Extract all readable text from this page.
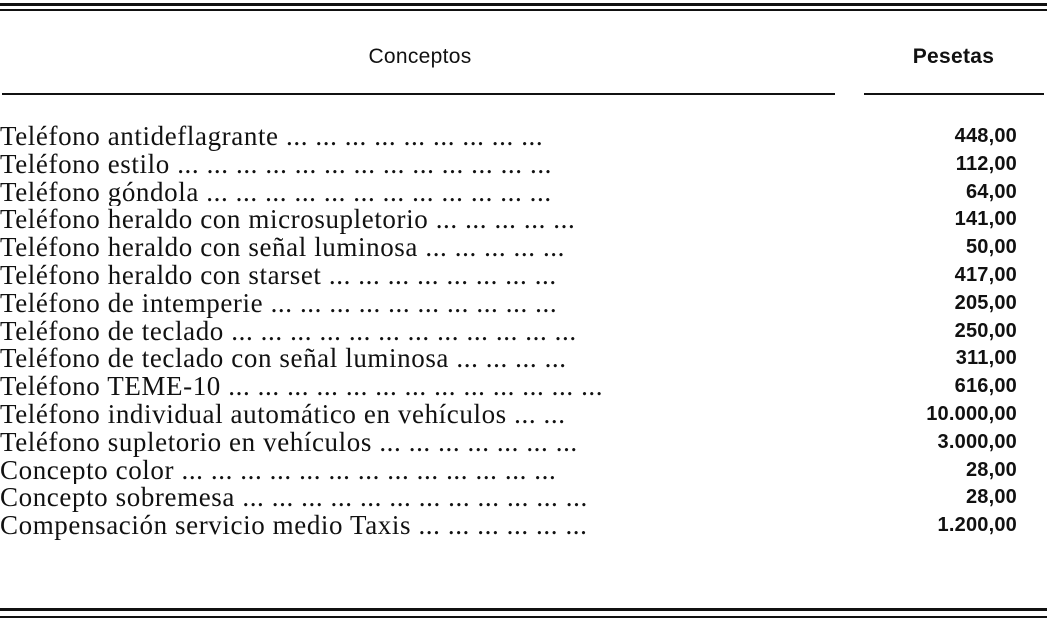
Conceptos	Pesetas
Teléfono antideflagrante ... ... ... ... ... ... ... ... ...	448,00
Teléfono estilo ... ... ... ... ... ... ... ... ... ... ... ... ...	112,00
Teléfono góndola ... ... ... ... ... ... ... ... ... ... ... ...	64,00
Teléfono heraldo con microsupletorio ... ... ... ... ...	141,00
Teléfono heraldo con señal luminosa ... ... ... ... ...	50,00
Teléfono heraldo con starset ... ... ... ... ... ... ... ...	417,00
Teléfono de intemperie ... ... ... ... ... ... ... ... ... ...	205,00
Teléfono de teclado ... ... ... ... ... ... ... ... ... ... ... ...	250,00
Teléfono de teclado con señal luminosa ... ... ... ...	311,00
Teléfono TEME-10 ... ... ... ... ... ... ... ... ... ... ... ... ...	616,00
Teléfono individual automático en vehículos ... ...	10.000,00
Teléfono supletorio en vehículos ... ... ... ... ... ... ...	3.000,00
Concepto color ... ... ... ... ... ... ... ... ... ... ... ... ...	28,00
Concepto sobremesa ... ... ... ... ... ... ... ... ... ... ... ...	28,00
Compensación servicio medio Taxis ... ... ... ... ... ...	1.200,00
